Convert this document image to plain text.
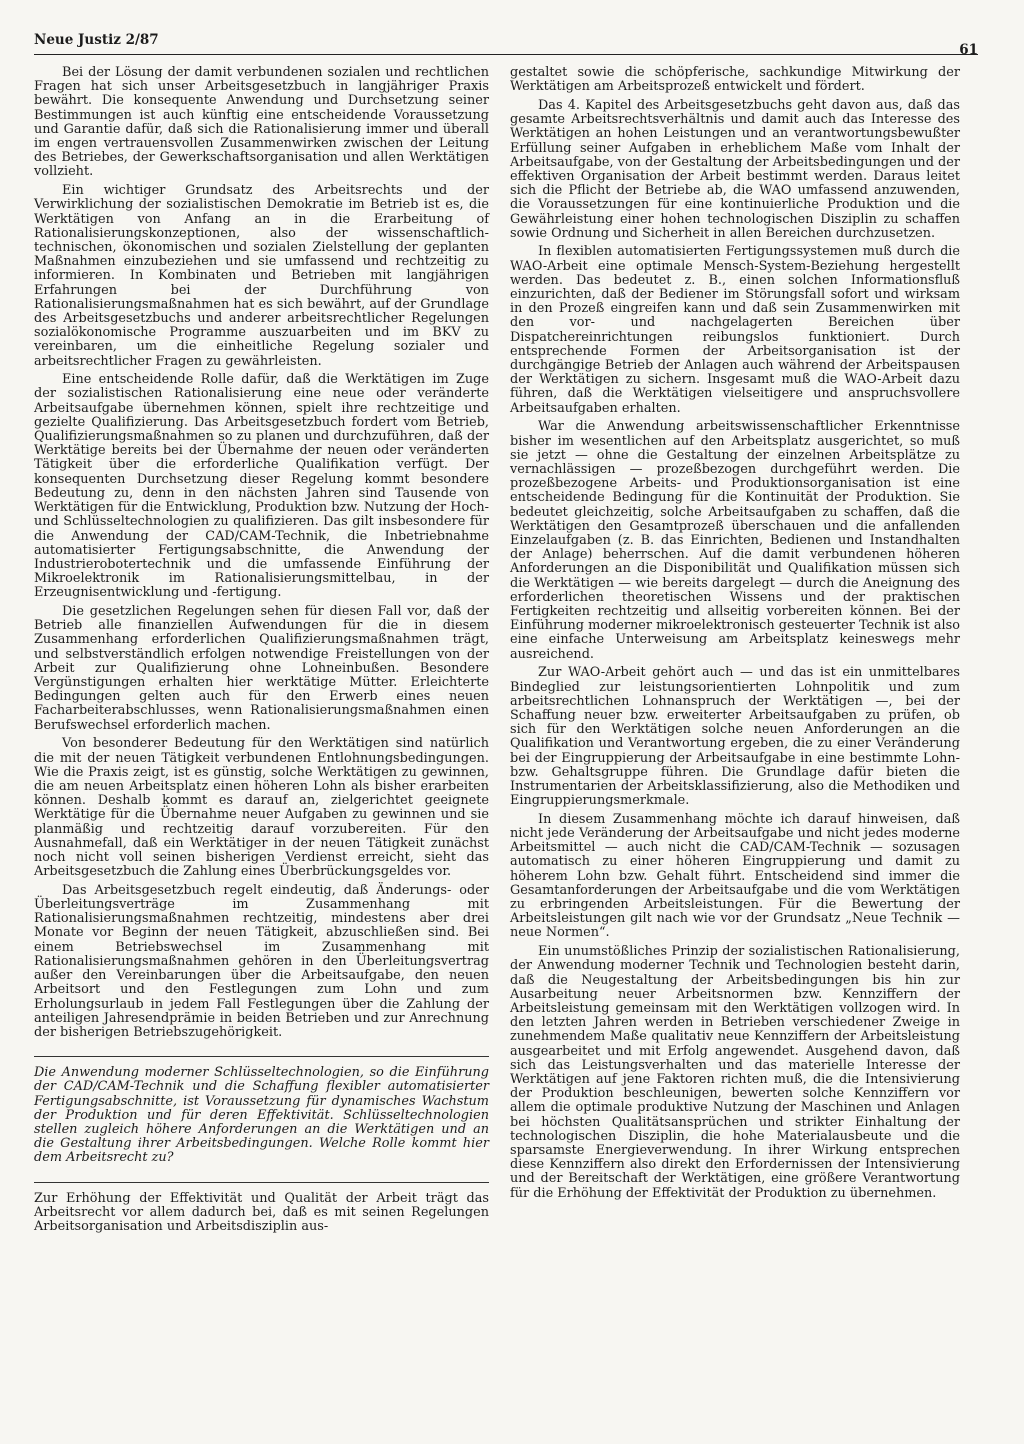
Neue Justiz 2/87
61

Bei der Lösung der damit verbundenen sozialen und rechtlichen Fragen hat sich unser Arbeitsgesetzbuch in langjähriger Praxis bewährt. Die konsequente Anwendung und Durchsetzung seiner Bestimmungen ist auch künftig eine entscheidende Voraussetzung und Garantie dafür, daß sich die Rationalisierung immer und überall im engen vertrauensvollen Zusammenwirken zwischen der Leitung des Betriebes, der Gewerkschaftsorganisation und allen Werktätigen vollzieht.

Ein wichtiger Grundsatz des Arbeitsrechts und der Verwirklichung der sozialistischen Demokratie im Betrieb ist es, die Werktätigen von Anfang an in die Erarbeitung of Rationalisierungskonzeptionen, also der wissenschaftlich-technischen, ökonomischen und sozialen Zielstellung der geplanten Maßnahmen einzubeziehen und sie umfassend und rechtzeitig zu informieren. In Kombinaten und Betrieben mit langjährigen Erfahrungen bei der Durchführung von Rationalisierungsmaßnahmen hat es sich bewährt, auf der Grundlage des Arbeitsgesetzbuchs und anderer arbeitsrechtlicher Regelungen sozialökonomische Programme auszuarbeiten und im BKV zu vereinbaren, um die einheitliche Regelung sozialer und arbeitsrechtlicher Fragen zu gewährleisten.

Eine entscheidende Rolle dafür, daß die Werktätigen im Zuge der sozialistischen Rationalisierung eine neue oder veränderte Arbeitsaufgabe übernehmen können, spielt ihre rechtzeitige und gezielte Qualifizierung. Das Arbeitsgesetzbuch fordert vom Betrieb, Qualifizierungsmaßnahmen so zu planen und durchzuführen, daß der Werktätige bereits bei der Übernahme der neuen oder veränderten Tätigkeit über die erforderliche Qualifikation verfügt. Der konsequenten Durchsetzung dieser Regelung kommt besondere Bedeutung zu, denn in den nächsten Jahren sind Tausende von Werktätigen für die Entwicklung, Produktion bzw. Nutzung der Hoch- und Schlüsseltechnologien zu qualifizieren. Das gilt insbesondere für die Anwendung der CAD/CAM-Technik, die Inbetriebnahme automatisierter Fertigungsabschnitte, die Anwendung der Industrierobotertechnik und die umfassende Einführung der Mikroelektronik im Rationalisierungsmittelbau, in der Erzeugnisentwicklung und -fertigung.

Die gesetzlichen Regelungen sehen für diesen Fall vor, daß der Betrieb alle finanziellen Aufwendungen für die in diesem Zusammenhang erforderlichen Qualifizierungsmaßnahmen trägt, und selbstverständlich erfolgen notwendige Freistellungen von der Arbeit zur Qualifizierung ohne Lohneinbußen. Besondere Vergünstigungen erhalten hier werktätige Mütter. Erleichterte Bedingungen gelten auch für den Erwerb eines neuen Facharbeiterabschlusses, wenn Rationalisierungsmaßnahmen einen Berufswechsel erforderlich machen.

Von besonderer Bedeutung für den Werktätigen sind natürlich die mit der neuen Tätigkeit verbundenen Entlohnungsbedingungen. Wie die Praxis zeigt, ist es günstig, solche Werktätigen zu gewinnen, die am neuen Arbeitsplatz einen höheren Lohn als bisher erarbeiten können. Deshalb kommt es darauf an, zielgerichtet geeignete Werktätige für die Übernahme neuer Aufgaben zu gewinnen und sie planmäßig und rechtzeitig darauf vorzubereiten. Für den Ausnahmefall, daß ein Werktätiger in der neuen Tätigkeit zunächst noch nicht voll seinen bisherigen Verdienst erreicht, sieht das Arbeitsgesetzbuch die Zahlung eines Überbrückungsgeldes vor.

Das Arbeitsgesetzbuch regelt eindeutig, daß Änderungs- oder Überleitungsverträge im Zusammenhang mit Rationalisierungsmaßnahmen rechtzeitig, mindestens aber drei Monate vor Beginn der neuen Tätigkeit, abzuschließen sind. Bei einem Betriebswechsel im Zusammenhang mit Rationalisierungsmaßnahmen gehören in den Überleitungsvertrag außer den Vereinbarungen über die Arbeitsaufgabe, den neuen Arbeitsort und den Festlegungen zum Lohn und zum Erholungsurlaub in jedem Fall Festlegungen über die Zahlung der anteiligen Jahresendprämie in beiden Betrieben und zur Anrechnung der bisherigen Betriebszugehörigkeit.

Die Anwendung moderner Schlüsseltechnologien, so die Einführung der CAD/CAM-Technik und die Schaffung flexibler automatisierter Fertigungsabschnitte, ist Voraussetzung für dynamisches Wachstum der Produktion und für deren Effektivität. Schlüsseltechnologien stellen zugleich höhere Anforderungen an die Werktätigen und an die Gestaltung ihrer Arbeitsbedingungen. Welche Rolle kommt hier dem Arbeitsrecht zu?

Zur Erhöhung der Effektivität und Qualität der Arbeit trägt das Arbeitsrecht vor allem dadurch bei, daß es mit seinen Regelungen Arbeitsorganisation und Arbeitsdisziplin aus-

gestaltet sowie die schöpferische, sachkundige Mitwirkung der Werktätigen am Arbeitsprozeß entwickelt und fördert.

Das 4. Kapitel des Arbeitsgesetzbuchs geht davon aus, daß das gesamte Arbeitsrechtsverhältnis und damit auch das Interesse des Werktätigen an hohen Leistungen und an verantwortungsbewußter Erfüllung seiner Aufgaben in erheblichem Maße vom Inhalt der Arbeitsaufgabe, von der Gestaltung der Arbeitsbedingungen und der effektiven Organisation der Arbeit bestimmt werden. Daraus leitet sich die Pflicht der Betriebe ab, die WAO umfassend anzuwenden, die Voraussetzungen für eine kontinuierliche Produktion und die Gewährleistung einer hohen technologischen Disziplin zu schaffen sowie Ordnung und Sicherheit in allen Bereichen durchzusetzen.

In flexiblen automatisierten Fertigungssystemen muß durch die WAO-Arbeit eine optimale Mensch-System-Beziehung hergestellt werden. Das bedeutet z. B., einen solchen Informationsfluß einzurichten, daß der Bediener im Störungsfall sofort und wirksam in den Prozeß eingreifen kann und daß sein Zusammenwirken mit den vor- und nachgelagerten Bereichen über Dispatchereinrichtungen reibungslos funktioniert. Durch entsprechende Formen der Arbeitsorganisation ist der durchgängige Betrieb der Anlagen auch während der Arbeitspausen der Werktätigen zu sichern. Insgesamt muß die WAO-Arbeit dazu führen, daß die Werktätigen vielseitigere und anspruchsvollere Arbeitsaufgaben erhalten.

War die Anwendung arbeitswissenschaftlicher Erkenntnisse bisher im wesentlichen auf den Arbeitsplatz ausgerichtet, so muß sie jetzt — ohne die Gestaltung der einzelnen Arbeitsplätze zu vernachlässigen — prozeßbezogen durchgeführt werden. Die prozeßbezogene Arbeits- und Produktionsorganisation ist eine entscheidende Bedingung für die Kontinuität der Produktion. Sie bedeutet gleichzeitig, solche Arbeitsaufgaben zu schaffen, daß die Werktätigen den Gesamtprozeß überschauen und die anfallenden Einzelaufgaben (z. B. das Einrichten, Bedienen und Instandhalten der Anlage) beherrschen. Auf die damit verbundenen höheren Anforderungen an die Disponibilität und Qualifikation müssen sich die Werktätigen — wie bereits dargelegt — durch die Aneignung des erforderlichen theoretischen Wissens und der praktischen Fertigkeiten rechtzeitig und allseitig vorbereiten können. Bei der Einführung moderner mikroelektronisch gesteuerter Technik ist also eine einfache Unterweisung am Arbeitsplatz keineswegs mehr ausreichend.

Zur WAO-Arbeit gehört auch — und das ist ein unmittelbares Bindeglied zur leistungsorientierten Lohnpolitik und zum arbeitsrechtlichen Lohnanspruch der Werktätigen —, bei der Schaffung neuer bzw. erweiterter Arbeitsaufgaben zu prüfen, ob sich für den Werktätigen solche neuen Anforderungen an die Qualifikation und Verantwortung ergeben, die zu einer Veränderung bei der Eingruppierung der Arbeitsaufgabe in eine bestimmte Lohn- bzw. Gehaltsgruppe führen. Die Grundlage dafür bieten die Instrumentarien der Arbeitsklassifizierung, also die Methodiken und Eingruppierungsmerkmale.

In diesem Zusammenhang möchte ich darauf hinweisen, daß nicht jede Veränderung der Arbeitsaufgabe und nicht jedes moderne Arbeitsmittel — auch nicht die CAD/CAM-Technik — sozusagen automatisch zu einer höheren Eingruppierung und damit zu höherem Lohn bzw. Gehalt führt. Entscheidend sind immer die Gesamtanforderungen der Arbeitsaufgabe und die vom Werktätigen zu erbringenden Arbeitsleistungen. Für die Bewertung der Arbeitsleistungen gilt nach wie vor der Grundsatz „Neue Technik — neue Normen“.

Ein unumstößliches Prinzip der sozialistischen Rationalisierung, der Anwendung moderner Technik und Technologien besteht darin, daß die Neugestaltung der Arbeitsbedingungen bis hin zur Ausarbeitung neuer Arbeitsnormen bzw. Kennziffern der Arbeitsleistung gemeinsam mit den Werktätigen vollzogen wird. In den letzten Jahren werden in Betrieben verschiedener Zweige in zunehmendem Maße qualitativ neue Kennziffern der Arbeitsleistung ausgearbeitet und mit Erfolg angewendet. Ausgehend davon, daß sich das Leistungsverhalten und das materielle Interesse der Werktätigen auf jene Faktoren richten muß, die die Intensivierung der Produktion beschleunigen, bewerten solche Kennziffern vor allem die optimale produktive Nutzung der Maschinen und Anlagen bei höchsten Qualitätsansprüchen und strikter Einhaltung der technologischen Disziplin, die hohe Materialausbeute und die sparsamste Energieverwendung. In ihrer Wirkung entsprechen diese Kennziffern also direkt den Erfordernissen der Intensivierung und der Bereitschaft der Werktätigen, eine größere Verantwortung für die Erhöhung der Effektivität der Produktion zu übernehmen.
